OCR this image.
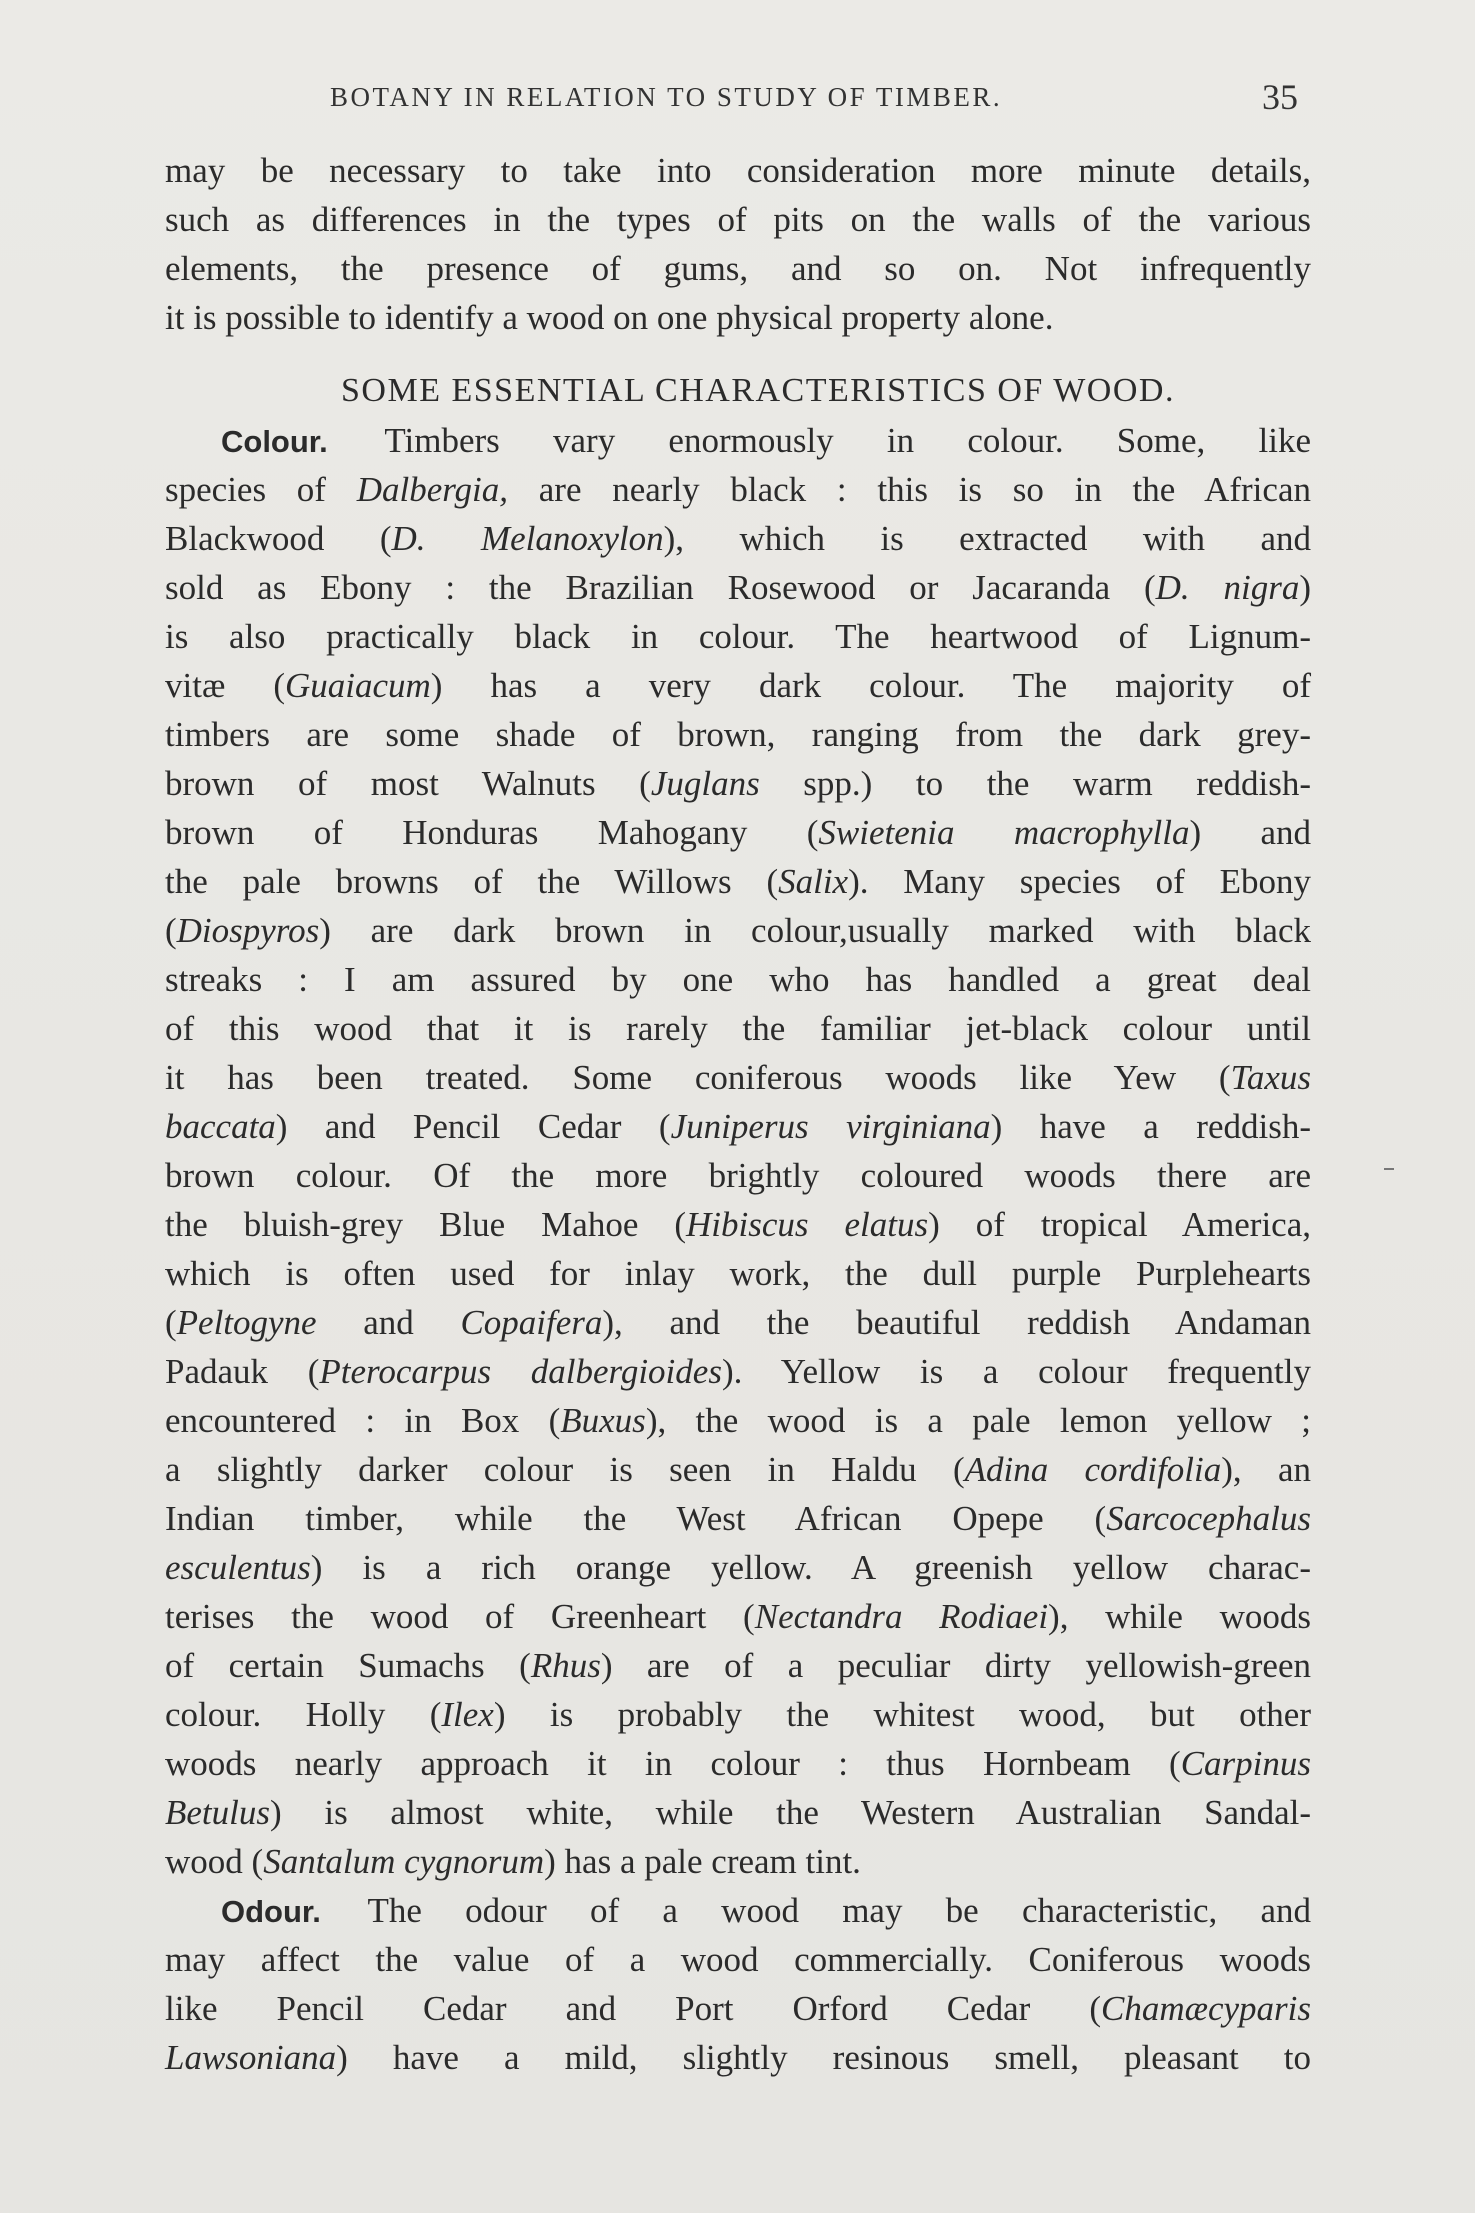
BOTANY IN RELATION TO STUDY OF TIMBER.	35
may be necessary to take into consideration more minute details,
such as differences in the types of pits on the walls of the various
elements, the presence of gums, and so on. Not infrequently
it is possible to identify a wood on one physical property alone.
SOME ESSENTIAL CHARACTERISTICS OF WOOD.
Colour. Timbers vary enormously in colour. Some, like
species of Dalbergia, are nearly black : this is so in the African
Blackwood (D. Melanoxylon), which is extracted with and
sold as Ebony : the Brazilian Rosewood or Jacaranda (D. nigra)
is also practically black in colour. The heartwood of Lignum-
vitæ (Guaiacum) has a very dark colour. The majority of
timbers are some shade of brown, ranging from the dark grey-
brown of most Walnuts (Juglans spp.) to the warm reddish-
brown of Honduras Mahogany (Swietenia macrophylla) and
the pale browns of the Willows (Salix). Many species of Ebony
(Diospyros) are dark brown in colour,usually marked with black
streaks : I am assured by one who has handled a great deal
of this wood that it is rarely the familiar jet-black colour until
it has been treated. Some coniferous woods like Yew (Taxus
baccata) and Pencil Cedar (Juniperus virginiana) have a reddish-
brown colour. Of the more brightly coloured woods there are
the bluish-grey Blue Mahoe (Hibiscus elatus) of tropical America,
which is often used for inlay work, the dull purple Purplehearts
(Peltogyne and Copaifera), and the beautiful reddish Andaman
Padauk (Pterocarpus dalbergioides). Yellow is a colour frequently
encountered : in Box (Buxus), the wood is a pale lemon yellow ;
a slightly darker colour is seen in Haldu (Adina cordifolia), an
Indian timber, while the West African Opepe (Sarcocephalus
esculentus) is a rich orange yellow. A greenish yellow charac-
terises the wood of Greenheart (Nectandra Rodiaei), while woods
of certain Sumachs (Rhus) are of a peculiar dirty yellowish-green
colour. Holly (Ilex) is probably the whitest wood, but other
woods nearly approach it in colour : thus Hornbeam (Carpinus
Betulus) is almost white, while the Western Australian Sandal-
wood (Santalum cygnorum) has a pale cream tint.
Odour. The odour of a wood may be characteristic, and
may affect the value of a wood commercially. Coniferous woods
like Pencil Cedar and Port Orford Cedar (Chamæcyparis
Lawsoniana) have a mild, slightly resinous smell, pleasant to
